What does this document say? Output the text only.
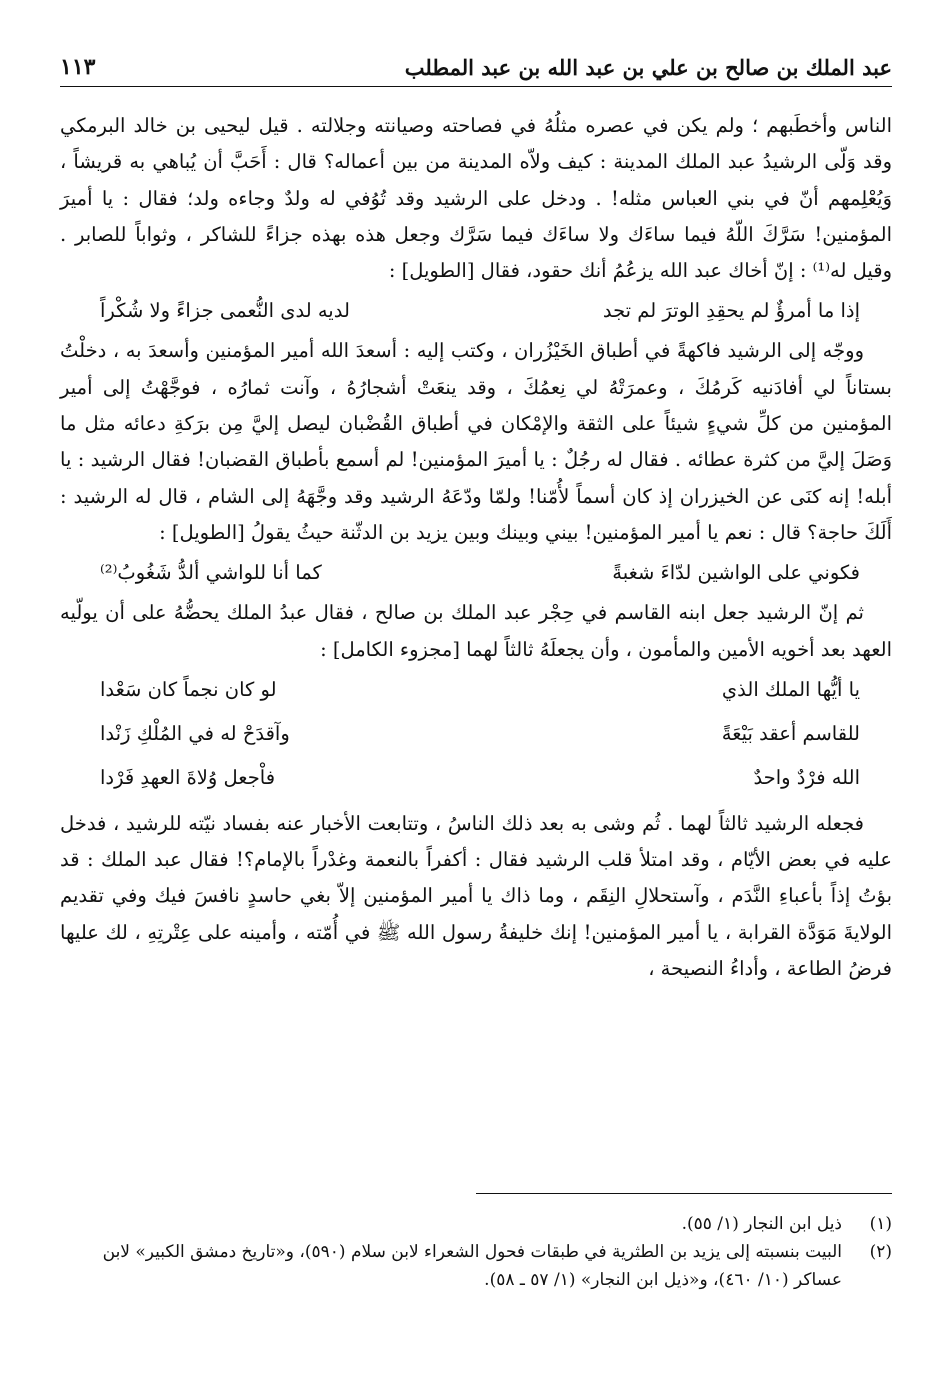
عبد الملك بن صالح بن علي بن عبد الله بن عبد المطلب
١١٣

الناس وأخطَبهم ؛ ولم يكن في عصره مثلُهُ في فصاحته وصيانته وجلالته . قيل ليحيى بن خالد البرمكي وقد وَلّى الرشيدُ عبد الملك المدينة : كيف ولاّه المدينة من بين أعماله؟ قال : أَحَبَّ أن يُباهي به قريشاً ، وَيُعْلِمهم أنّ في بني العباس مثله! . ودخل على الرشيد وقد تُوُفي له ولدٌ وجاءه ولد؛ فقال : يا أميرَ المؤمنين! سَرَّكَ اللّهُ فيما ساءَك ولا ساءَك فيما سَرَّك وجعل هذه بهذه جزاءً للشاكر ، وثواباً للصابر . وقيل له⁽¹⁾ : إنّ أخاك عبد الله يزعُمُ أنك حقود، فقال [الطويل] :

إذا ما أمرؤٌ لم يحقِدِ الوترَ لم تجد
لديه لدى النُّعمى جزاءً ولا شُكْراً

ووجّه إلى الرشيد فاكهةً في أطباق الخَيْزُران ، وكتب إليه : أسعدَ الله أمير المؤمنين وأسعدَ به ، دخلْتُ بستاناً لي أفادَنيه كَرمُكَ ، وعمرَتْهُ لي نِعمُكَ ، وقد ينعَتْ أشجارُهُ ، وآنت ثمارُه ، فوجَّهْتُ إلى أمير المؤمنين من كلِّ شيءٍ شيئاً على الثقة والإمْكان في أطباق القُضْبان ليصل إليَّ مِن برَكةِ دعائه مثل ما وَصَلَ إليَّ من كثرة عطائه . فقال له رجُلٌ : يا أميرَ المؤمنين! لم أسمع بأطباق القضبان! فقال الرشيد : يا أبله! إنه كنَى عن الخيزران إذ كان أسماً لأُمّنا! ولمّا ودّعَهُ الرشيد وقد وجَّهَهُ إلى الشام ، قال له الرشيد : أَلَكَ حاجة؟ قال : نعم يا أمير المؤمنين! بيني وبينك وبين يزيد بن الدثّنة حيثُ يقولُ [الطويل] :

فكوني على الواشين لدّاءَ شغبةً
كما أنا للواشي ألدُّ شَغُوبُ⁽²⁾

ثم إنّ الرشيد جعل ابنه القاسم في حِجْر عبد الملك بن صالح ، فقال عبدُ الملك يحضُّهُ على أن يولّيه العهد بعد أخويه الأمين والمأمون ، وأن يجعلَهُ ثالثاً لهما [مجزوء الكامل] :

يا أيُّها الملك الذي
لو كان نجماً كان سَعْدا
للقاسم أعقد بَيْعَةً
وآقدَحْ له في المُلْكِ زَنْدا
الله فرْدٌ واحدٌ
فاْجعل وُلاةَ العهدِ فَرْدا

فجعله الرشيد ثالثاً لهما . ثُم وشى به بعد ذلك الناسُ ، وتتابعت الأخبار عنه بفساد نيّته للرشيد ، فدخل عليه في بعض الأيّام ، وقد امتلأ قلب الرشيد فقال : أكفراً بالنعمة وغدْراً بالإمام؟! فقال عبد الملك : قد بؤتُ إذاً بأعباءِ النَّدَم ، وآستحلالِ النِقَم ، وما ذاك يا أمير المؤمنين إلاّ بغي حاسدٍ نافسَ فيك وفي تقديم الولايةَ مَوَدَّة القرابة ، يا أمير المؤمنين! إنك خليفةُ رسول الله ﷺ في أُمّته ، وأمينه على عِتْرتِهِ ، لك عليها فرضُ الطاعة ، وأداءُ النصيحة ،

(١)
ذيل ابن النجار (١/ ٥٥).
(٢)
البيت بنسبته إلى يزيد بن الطثرية في طبقات فحول الشعراء لابن سلام (٥٩٠)، و«تاريخ دمشق الكبير» لابن عساكر (١٠/ ٤٦٠)، و«ذيل ابن النجار» (١/ ٥٧ ـ ٥٨).
